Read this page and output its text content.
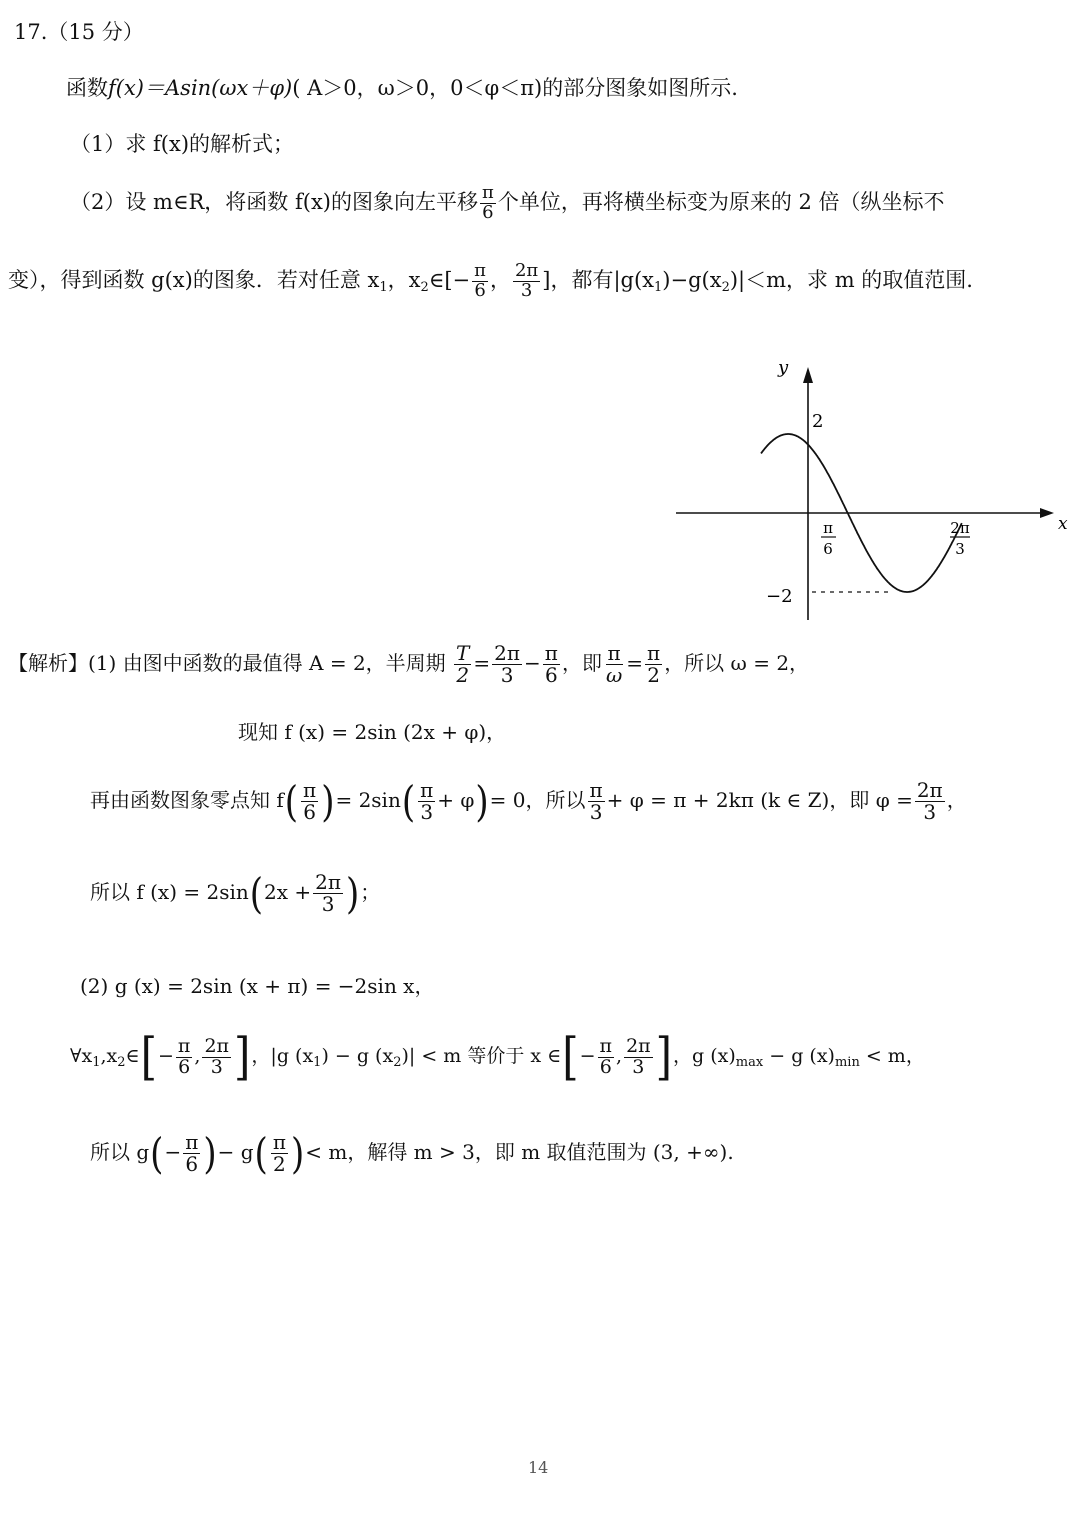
17.（15 分）
函数f(x)＝Asin(ωx＋φ)( A＞0，ω＞0，0＜φ＜π)的部分图象如图所示.
（1）求 f(x)的解析式；
（2）设 m∈R，将函数 f(x)的图象向左平移 $\frac{\pi}{6}$ 个单位，再将横坐标变为原来的 2 倍（纵坐标不
变），得到函数 g(x)的图象．若对任意 $x_1$，$x_2\in[- \frac{\pi}{6}$ ， $\frac{2\pi}{3}$ ]，都有$|g(x_1)-g(x_2)|<m$，求 m 的取值范围.
y
x
2
−2
π
6
2π
3
【解析】(1) 由图中函数的最值得 A = 2，半周期 $\frac{T}{2} = \frac{2\pi}{3} - \frac{\pi}{6}$ ，即 $\frac{\pi}{\omega} = \frac{\pi}{2}$ ，所以 ω = 2，
现知 f (x) = 2sin (2x + φ)，
再由函数图象零点知 $f( \frac{\pi}{6}$ )= $2\sin( \frac{\pi}{3} + \varphi)= 0$，所以 $\frac{\pi}{3} + \varphi = \pi + 2k\pi$ (k ∈ Z)，即 $\varphi = \frac{2\pi}{3}$ ，
所以 f $(x) = 2\sin(2x + \frac{2\pi}{3}$ )；
(2) g (x) = 2sin (x + π) = −2sin x，
$\forall x_1,x_2\in[- \frac{\pi}{6}$ , $\frac{2\pi}{3}$ ]，|g $(x_1) - g$ $(x_2)| < m$ 等价于 x ∈[− $\frac{\pi}{6}$ , $\frac{2\pi}{3}$ ]，g $(x)_{max} - g$ $(x)_{min} < m$，
所以 $g(- \frac{\pi}{6}$ )− $g( \frac{\pi}{2}$ )< m，解得 m > 3，即 m 取值范围为 (3, +∞).
14
